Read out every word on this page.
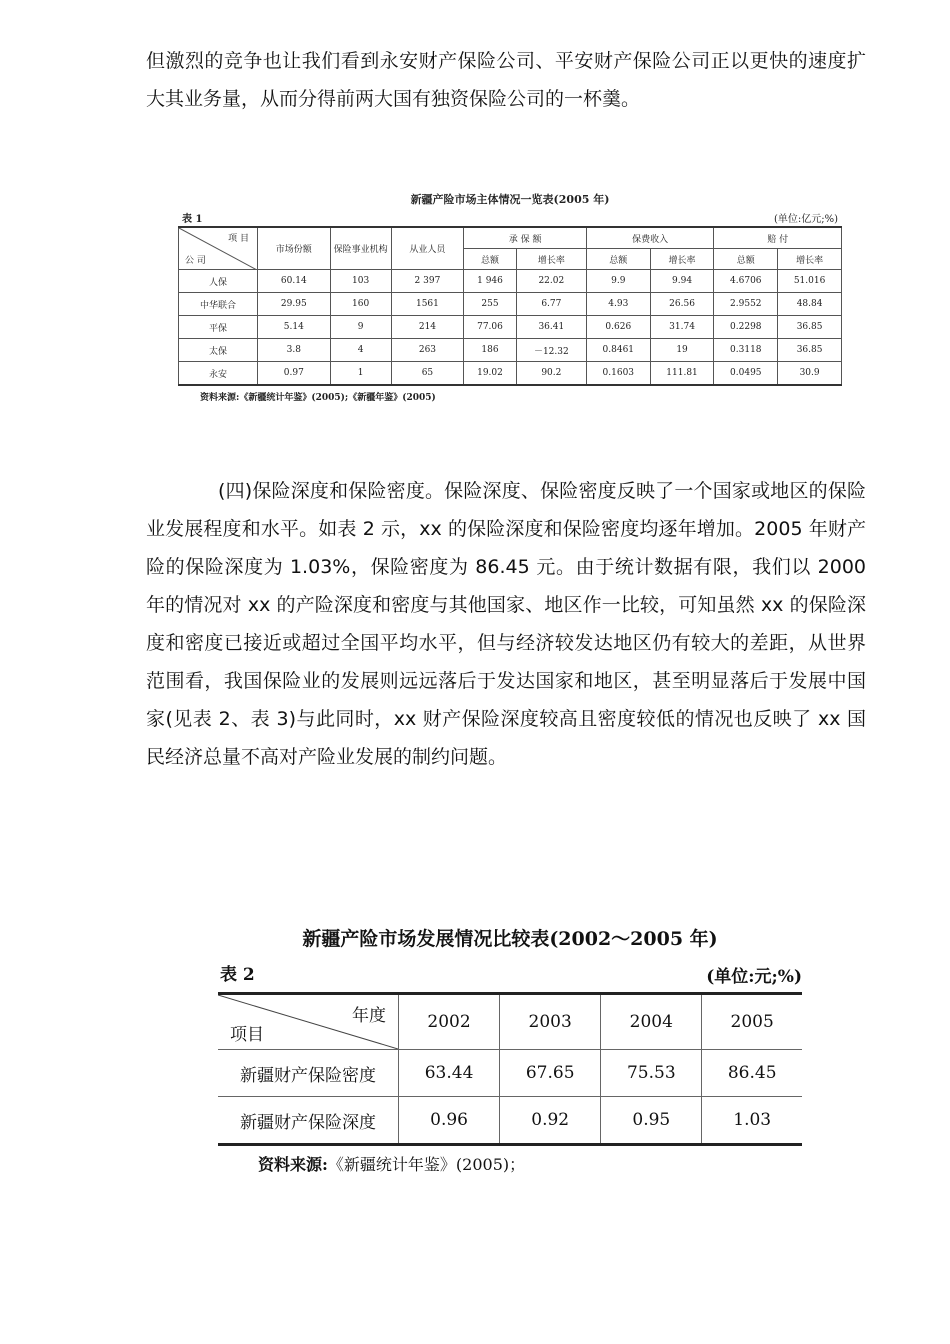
但激烈的竞争也让我们看到永安财产保险公司、平安财产保险公司正以更快的速度扩大其业务量，从而分得前两大国有独资保险公司的一杯羹。

新疆产险市场主体情况一览表(2005 年)
表 1	(单位:亿元;%)
项 目
公 司	市场份额	保险事业机构	从业人员	承 保 额		保费收入		赔 付	
				总额	增长率	总额	增长率	总额	增长率
人保	60.14	103	2 397	1 946	22.02	9.9	9.94	4.6706	51.016
中华联合	29.95	160	1561	255	6.77	4.93	26.56	2.9552	48.84
平保	5.14	9	214	77.06	36.41	0.626	31.74	0.2298	36.85
太保	3.8	4	263	186	－12.32	0.8461	19	0.3118	36.85
永安	0.97	1	65	19.02	90.2	0.1603	111.81	0.0495	30.9
资料来源:《新疆统计年鉴》(2005);《新疆年鉴》(2005)

(四)保险深度和保险密度。保险深度、保险密度反映了一个国家或地区的保险业发展程度和水平。如表 2 示，xx 的保险深度和保险密度均逐年增加。2005 年财产险的保险深度为 1.03%，保险密度为 86.45 元。由于统计数据有限，我们以 2000 年的情况对 xx 的产险深度和密度与其他国家、地区作一比较，可知虽然 xx 的保险深度和密度已接近或超过全国平均水平，但与经济较发达地区仍有较大的差距，从世界范围看，我国保险业的发展则远远落后于发达国家和地区，甚至明显落后于发展中国家(见表 2、表 3)与此同时，xx 财产保险深度较高且密度较低的情况也反映了 xx 国民经济总量不高对产险业发展的制约问题。

新疆产险市场发展情况比较表(2002～2005 年)
表 2	(单位:元;%)
年度
项目	2002	2003	2004	2005
新疆财产保险密度	63.44	67.65	75.53	86.45
新疆财产保险深度	0.96	0.92	0.95	1.03
资料来源:《新疆统计年鉴》(2005)；
